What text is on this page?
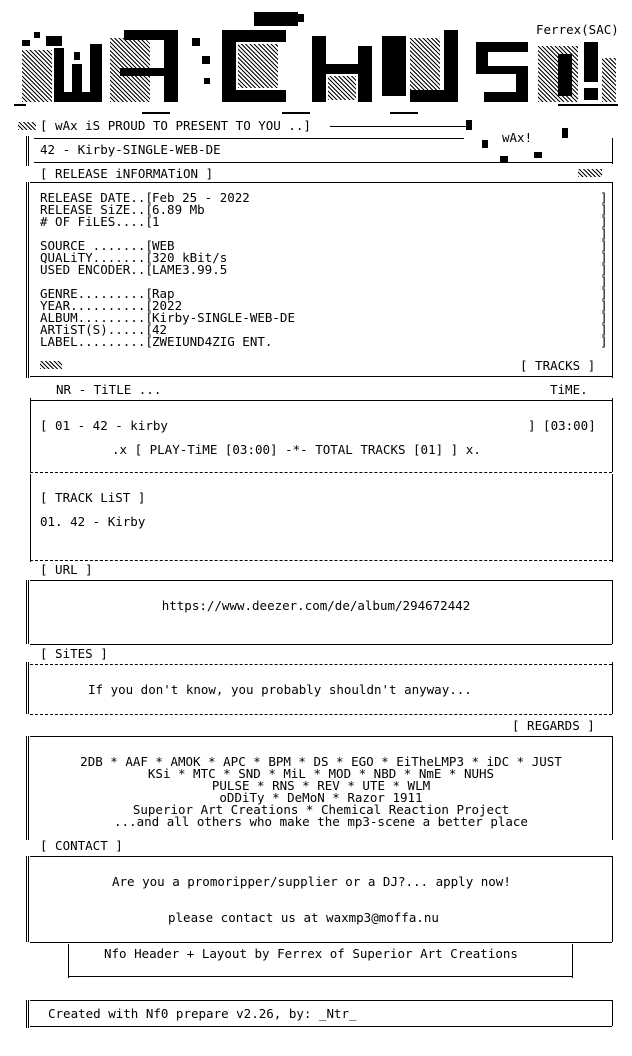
Ferrex(SAC)
[ wAx iS PROUD TO PRESENT TO YOU ..]
wAx!
42 - Kirby-SINGLE-WEB-DE
[ RELEASE iNFORMATiON ]
RELEASE DATE..[ Feb 25 - 2022	]
RELEASE SiZE..[ 6.89 Mb	]
# OF FiLES....[ 1	]
]
SOURCE .......[ WEB	]
QUALiTY.......[ 320 kBit/s	]
USED ENCODER..[ LAME3.99.5	]
]
GENRE.........[ Rap	]
YEAR..........[ 2022	]
ALBUM.........[ Kirby-SINGLE-WEB-DE	]
ARTiST(S).....[ 42	]
LABEL.........[ ZWEIUND4ZIG ENT.	]
[ TRACKS ]
NR - TiTLE ...	TiME.
[ 01 - 42 - kirby	] [03:00]
.x [ PLAY-TiME [03:00] -*- TOTAL TRACKS [01] ] x.
[ TRACK LiST ]
01. 42 - Kirby
[ URL ]
https://www.deezer.com/de/album/294672442
[ SiTES ]
If you don't know, you probably shouldn't anyway...
[ REGARDS ]
2DB * AAF * AMOK * APC * BPM * DS * EGO * EiTheLMP3 * iDC * JUST
KSi * MTC * SND * MiL * MOD * NBD * NmE * NUHS
PULSE * RNS * REV * UTE * WLM
oDDiTy * DeMoN * Razor 1911
Superior Art Creations * Chemical Reaction Project
...and all others who make the mp3-scene a better place
[ CONTACT ]
Are you a promoripper/supplier or a DJ?... apply now!
please contact us at waxmp3@moffa.nu
Nfo Header + Layout by Ferrex of Superior Art Creations
Created with Nf0 prepare v2.26, by: _Ntr_
